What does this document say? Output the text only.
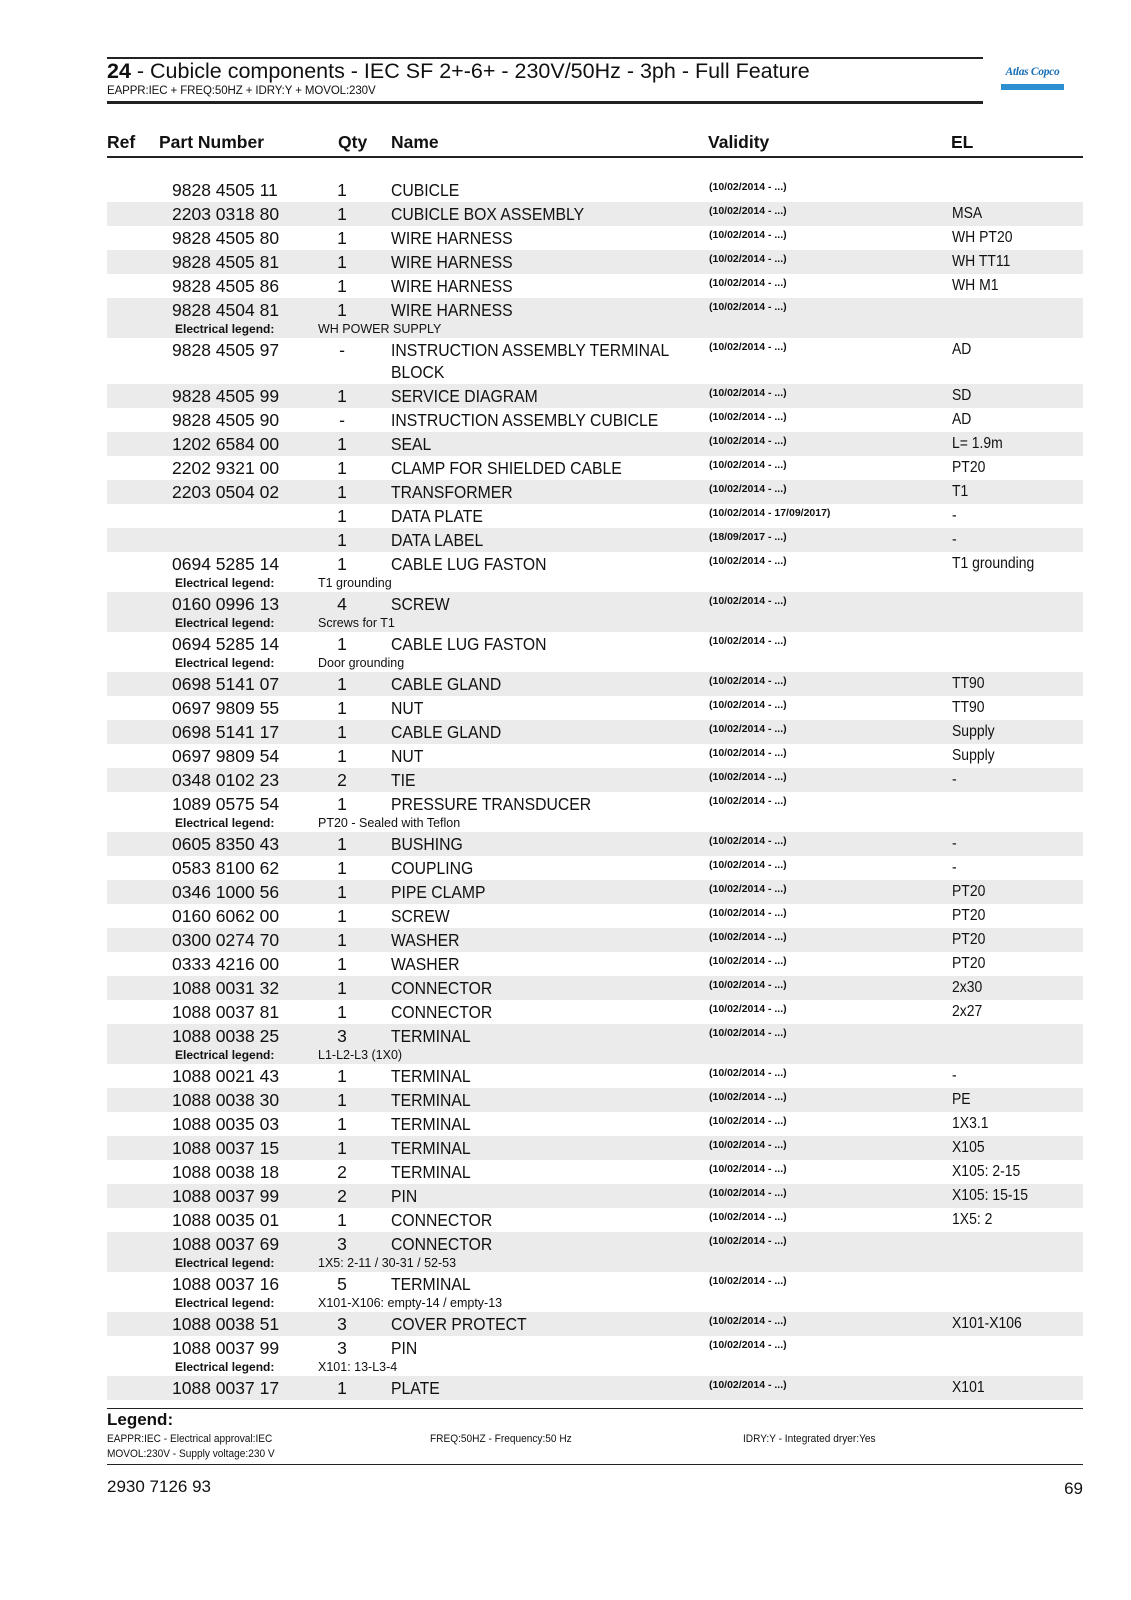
24 - Cubicle components - IEC SF 2+-6+ - 230V/50Hz - 3ph - Full Feature
EAPPR:IEC + FREQ:50HZ + IDRY:Y + MOVOL:230V
Atlas Copco
Ref Part Number	Qty Name	Validity	EL
9828 4505 11	1	CUBICLE	(10/02/2014 - ...)
2203 0318 80	1	CUBICLE BOX ASSEMBLY	(10/02/2014 - ...)	MSA
9828 4505 80	1	WIRE HARNESS	(10/02/2014 - ...)	WH PT20
9828 4505 81	1	WIRE HARNESS	(10/02/2014 - ...)	WH TT11
9828 4505 86	1	WIRE HARNESS	(10/02/2014 - ...)	WH M1
9828 4504 81	1	WIRE HARNESS	(10/02/2014 - ...)
Electrical legend:	WH POWER SUPPLY
9828 4505 97	-	INSTRUCTION ASSEMBLY TERMINAL
BLOCK
(10/02/2014 - ...)	AD
9828 4505 99	1	SERVICE DIAGRAM	(10/02/2014 - ...)	SD
9828 4505 90	-	INSTRUCTION ASSEMBLY CUBICLE	(10/02/2014 - ...)	AD
1202 6584 00	1	SEAL	(10/02/2014 - ...)	L= 1.9m
2202 9321 00	1	CLAMP FOR SHIELDED CABLE	(10/02/2014 - ...)	PT20
2203 0504 02	1	TRANSFORMER	(10/02/2014 - ...)	T1
1	DATA PLATE	(10/02/2014 - 17/09/2017)	-
1	DATA LABEL	(18/09/2017 - ...)	-
0694 5285 14	1	CABLE LUG FASTON	(10/02/2014 - ...)	T1 grounding
Electrical legend:	T1 grounding
0160 0996 13	4	SCREW	(10/02/2014 - ...)
Electrical legend:	Screws for T1
0694 5285 14	1	CABLE LUG FASTON	(10/02/2014 - ...)
Electrical legend:	Door grounding
0698 5141 07	1	CABLE GLAND	(10/02/2014 - ...)	TT90
0697 9809 55	1	NUT	(10/02/2014 - ...)	TT90
0698 5141 17	1	CABLE GLAND	(10/02/2014 - ...)	Supply
0697 9809 54	1	NUT	(10/02/2014 - ...)	Supply
0348 0102 23	2	TIE	(10/02/2014 - ...)	-
1089 0575 54	1	PRESSURE TRANSDUCER	(10/02/2014 - ...)
Electrical legend:	PT20 - Sealed with Teflon
0605 8350 43	1	BUSHING	(10/02/2014 - ...)	-
0583 8100 62	1	COUPLING	(10/02/2014 - ...)	-
0346 1000 56	1	PIPE CLAMP	(10/02/2014 - ...)	PT20
0160 6062 00	1	SCREW	(10/02/2014 - ...)	PT20
0300 0274 70	1	WASHER	(10/02/2014 - ...)	PT20
0333 4216 00	1	WASHER	(10/02/2014 - ...)	PT20
1088 0031 32	1	CONNECTOR	(10/02/2014 - ...)	2x30
1088 0037 81	1	CONNECTOR	(10/02/2014 - ...)	2x27
1088 0038 25	3	TERMINAL	(10/02/2014 - ...)
Electrical legend:	L1-L2-L3 (1X0)
1088 0021 43	1	TERMINAL	(10/02/2014 - ...)	-
1088 0038 30	1	TERMINAL	(10/02/2014 - ...)	PE
1088 0035 03	1	TERMINAL	(10/02/2014 - ...)	1X3.1
1088 0037 15	1	TERMINAL	(10/02/2014 - ...)	X105
1088 0038 18	2	TERMINAL	(10/02/2014 - ...)	X105: 2-15
1088 0037 99	2	PIN	(10/02/2014 - ...)	X105: 15-15
1088 0035 01	1	CONNECTOR	(10/02/2014 - ...)	1X5: 2
1088 0037 69	3	CONNECTOR	(10/02/2014 - ...)
Electrical legend:	1X5: 2-11 / 30-31 / 52-53
1088 0037 16	5	TERMINAL	(10/02/2014 - ...)
Electrical legend:	X101-X106: empty-14 / empty-13
1088 0038 51	3	COVER PROTECT	(10/02/2014 - ...)	X101-X106
1088 0037 99	3	PIN	(10/02/2014 - ...)
Electrical legend:	X101: 13-L3-4
1088 0037 17	1	PLATE	(10/02/2014 - ...)	X101
Legend:
EAPPR:IEC - Electrical approval:IEC	FREQ:50HZ - Frequency:50 Hz	IDRY:Y - Integrated dryer:Yes
MOVOL:230V - Supply voltage:230 V
2930 7126 93	69
